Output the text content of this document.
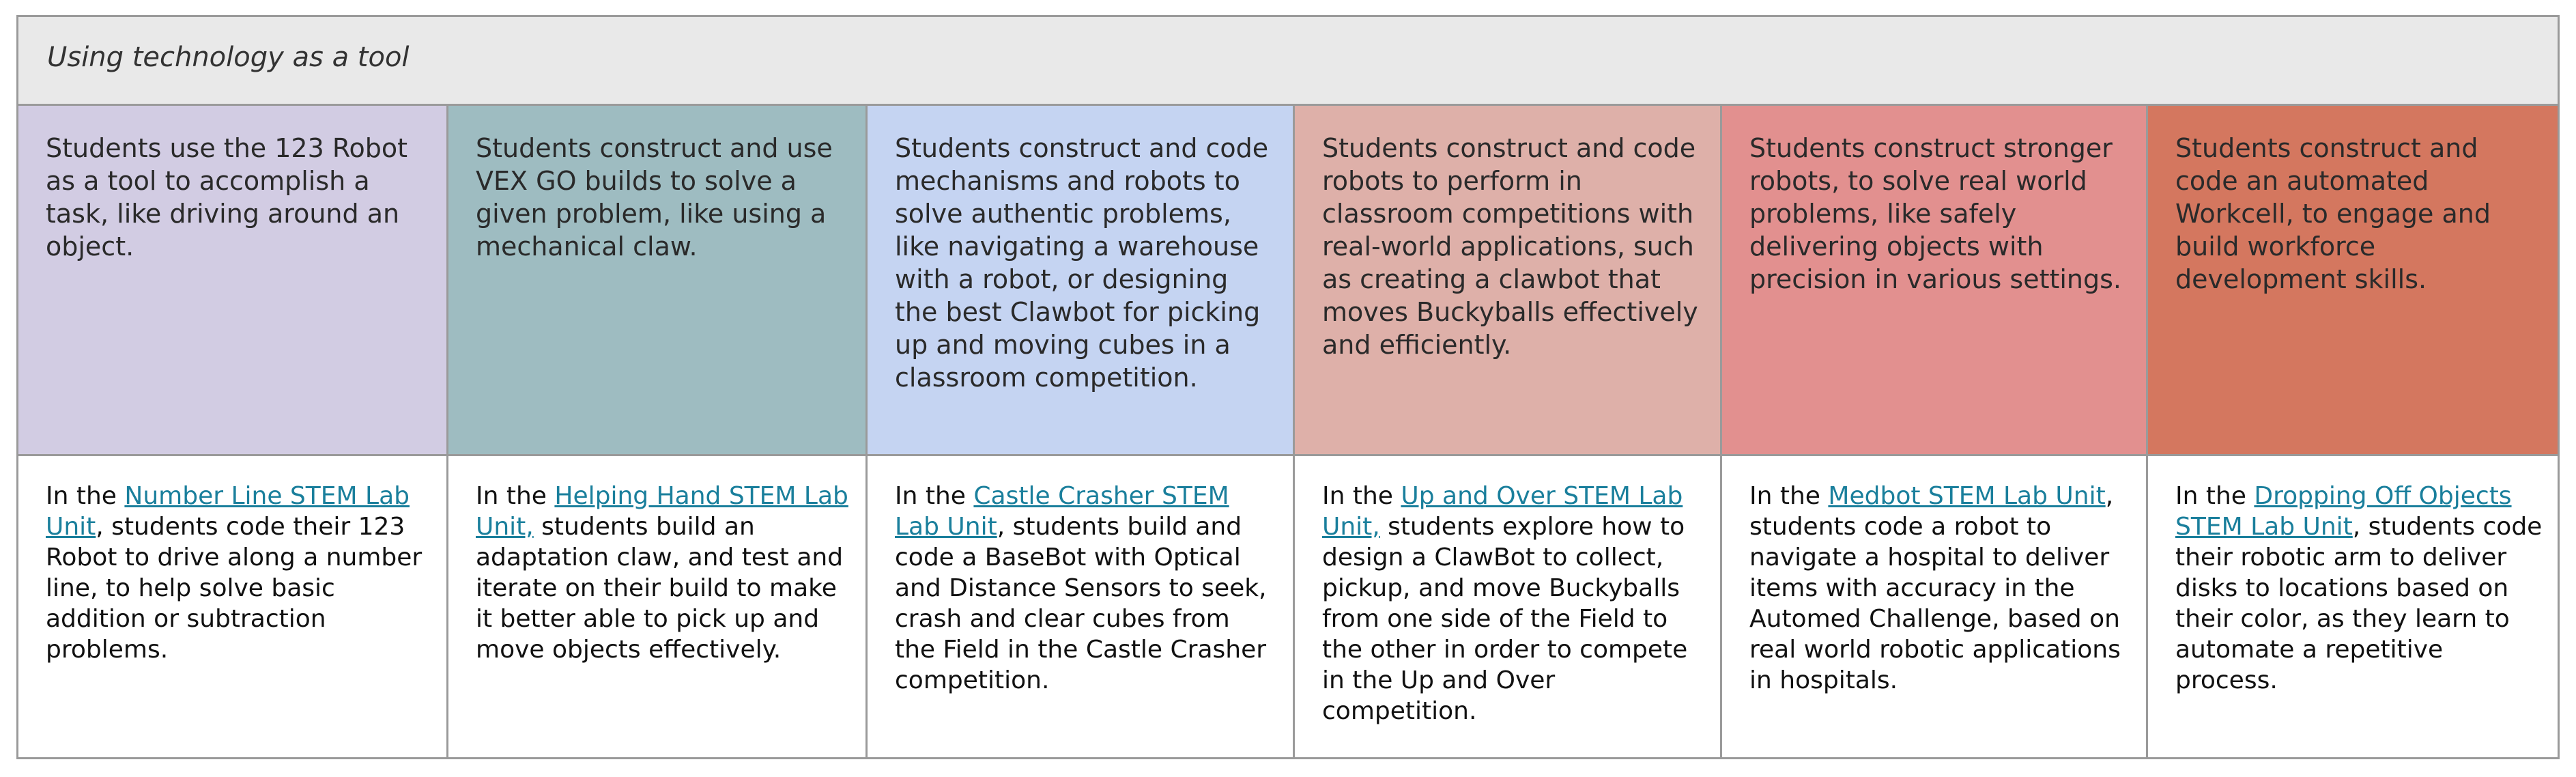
Using technology as a tool
Students use the 123 Robot as a tool to accomplish a task, like driving around an object.
Students construct and use VEX GO builds to solve a given problem, like using a mechanical claw.
Students construct and code mechanisms and robots to solve authentic problems, like navigating a warehouse with a robot, or designing the best Clawbot for picking up and moving cubes in a classroom competition.
Students construct and code robots to perform in classroom competitions with real-world applications, such as creating a clawbot that moves Buckyballs effectively and efficiently.
Students construct stronger robots, to solve real world problems, like safely delivering objects with precision in various settings.
Students construct and code an automated Workcell, to engage and build workforce development skills.
In the Number Line STEM Lab Unit, students code their 123 Robot to drive along a number line, to help solve basic addition or subtraction problems.
In the Helping Hand STEM Lab Unit, students build an adaptation claw, and test and iterate on their build to make it better able to pick up and move objects effectively.
In the Castle Crasher STEM Lab Unit, students build and code a BaseBot with Optical and Distance Sensors to seek, crash and clear cubes from the Field in the Castle Crasher competition.
In the Up and Over STEM Lab Unit, students explore how to design a ClawBot to collect, pickup, and move Buckyballs from one side of the Field to the other in order to compete in the Up and Over competition.
In the Medbot STEM Lab Unit, students code a robot to navigate a hospital to deliver items with accuracy in the Automed Challenge, based on real world robotic applications in hospitals.
In the Dropping Off Objects STEM Lab Unit, students code their robotic arm to deliver disks to locations based on their color, as they learn to automate a repetitive process.
